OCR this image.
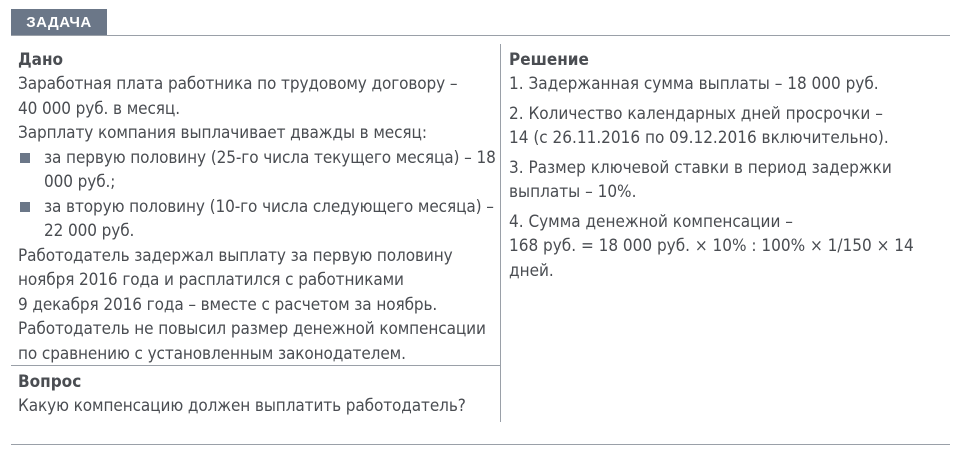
ЗАДАЧА
Дано
Заработная плата работника по трудовому договору –
40 000 руб. в месяц.
Зарплату компания выплачивает дважды в месяц:
за первую половину (25-го числа текущего месяца) – 18 000 руб.;
за вторую половину (10-го числа следующего месяца) – 22 000 руб.
Работодатель задержал выплату за первую половину
ноября 2016 года и расплатился с работниками
9 декабря 2016 года – вместе с расчетом за ноябрь.
Работодатель не повысил размер денежной компенсации по сравнению с установленным законодателем.
Вопрос
Какую компенсацию должен выплатить работодатель?
Решение
1. Задержанная сумма выплаты – 18 000 руб.
2. Количество календарных дней просрочки –
14 (с 26.11.2016 по 09.12.2016 включительно).
3. Размер ключевой ставки в период задержки
выплаты – 10%.
4. Сумма денежной компенсации –
168 руб. = 18 000 руб. × 10% : 100% × 1/150 × 14 дней.
